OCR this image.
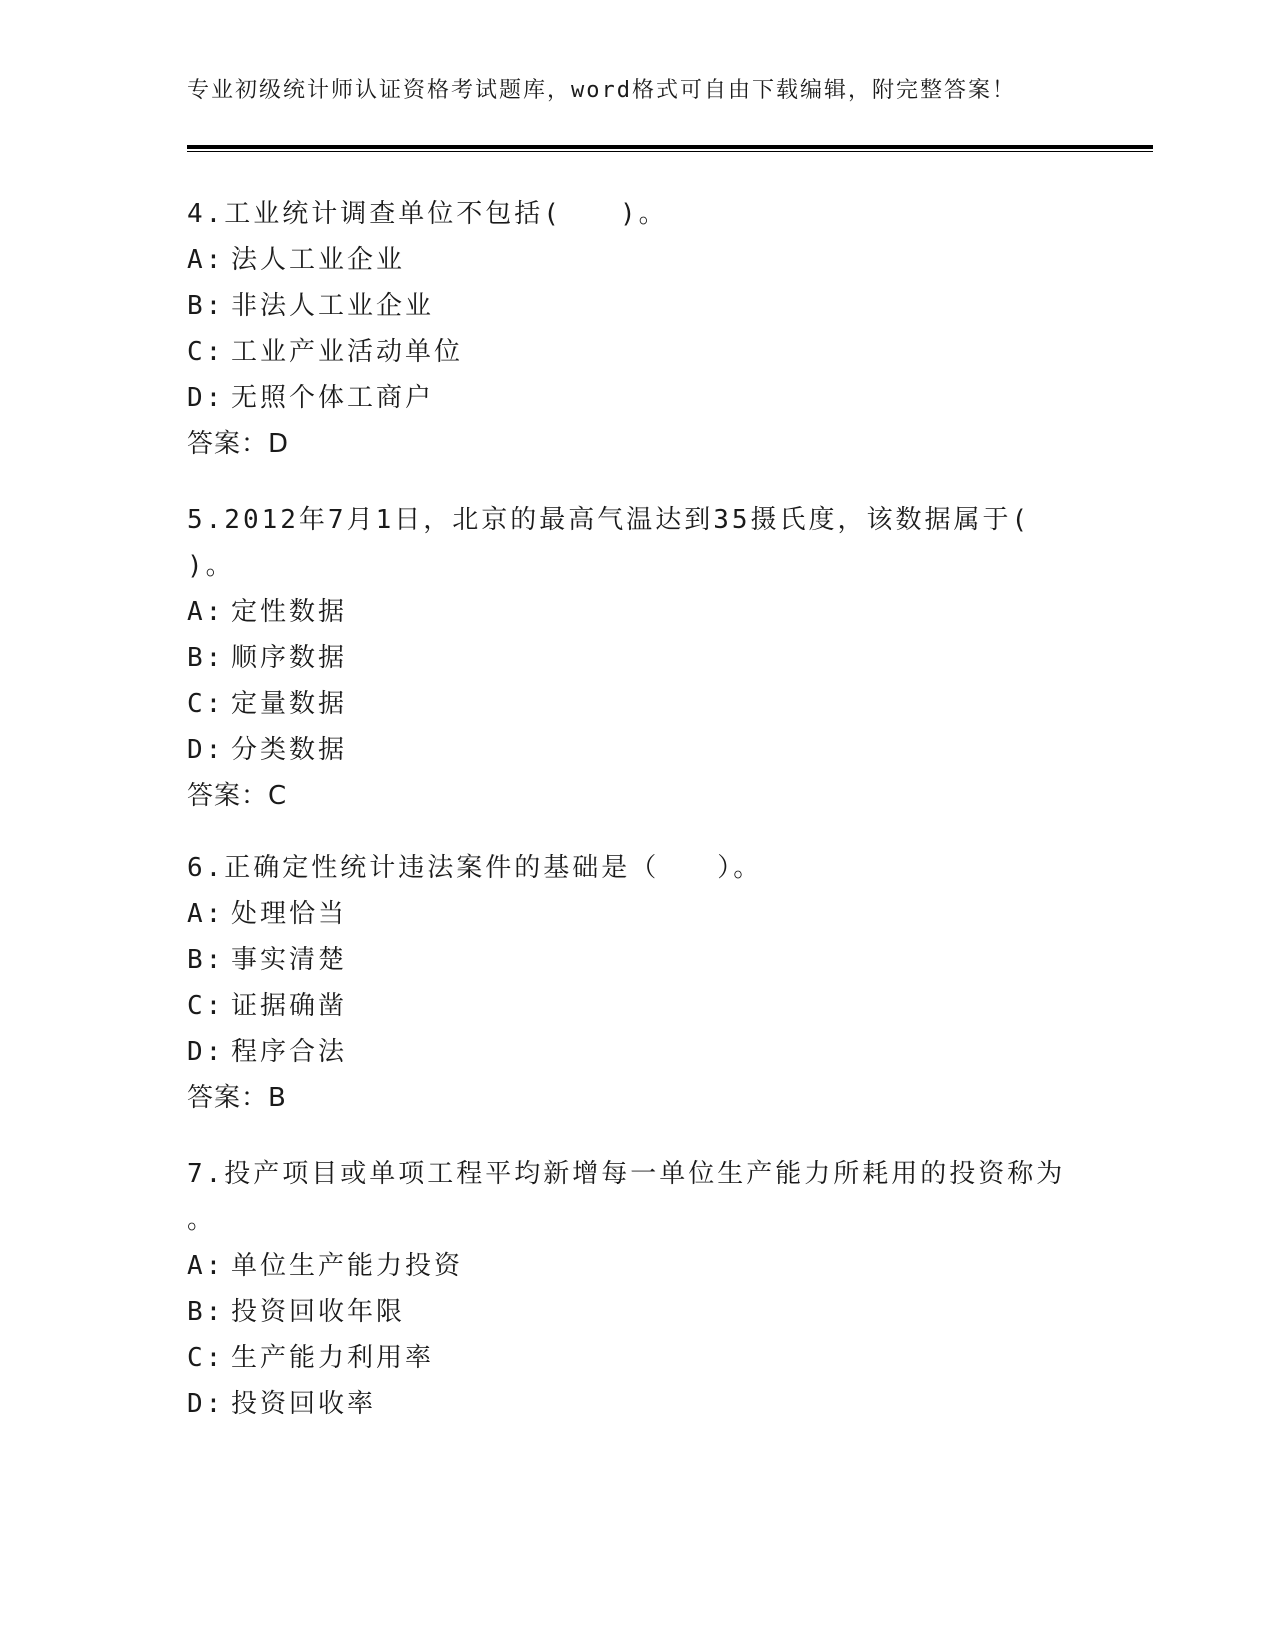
专业初级统计师认证资格考试题库，word格式可自由下载编辑，附完整答案！
4.工业统计调查单位不包括(　　)。
A: 法人工业企业
B: 非法人工业企业
C: 工业产业活动单位
D: 无照个体工商户
答案：D
5.2012年7月1日，北京的最高气温达到35摄氏度，该数据属于(
)。
A: 定性数据
B: 顺序数据
C: 定量数据
D: 分类数据
答案：C
6.正确定性统计违法案件的基础是（　　）。
A: 处理恰当
B: 事实清楚
C: 证据确凿
D: 程序合法
答案：B
7.投产项目或单项工程平均新增每一单位生产能力所耗用的投资称为
。
A: 单位生产能力投资
B: 投资回收年限
C: 生产能力利用率
D: 投资回收率
